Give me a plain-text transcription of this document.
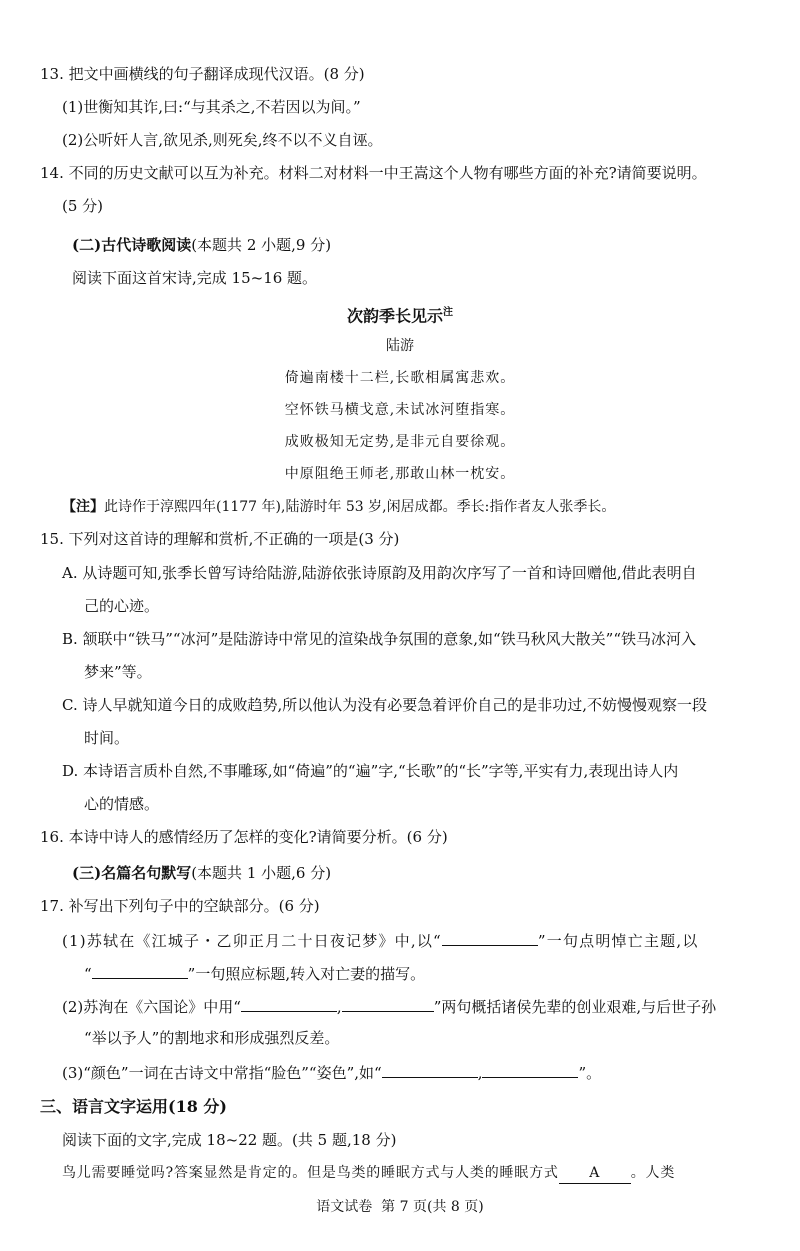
13. 把文中画横线的句子翻译成现代汉语。(8 分)
(1)世衡知其诈,曰:“与其杀之,不若因以为间。”
(2)公听奸人言,欲见杀,则死矣,终不以不义自诬。
14. 不同的历史文献可以互为补充。材料二对材料一中王嵩这个人物有哪些方面的补充?请简要说明。
(5 分)
(二)古代诗歌阅读(本题共 2 小题,9 分)
阅读下面这首宋诗,完成 15~16 题。
次韵季长见示$^注$
陆游
倚遍南楼十二栏,长歌相属寓悲欢。
空怀铁马横戈意,未试冰河堕指寒。
成败极知无定势,是非元自要徐观。
中原阻绝王师老,那敢山林一枕安。
【注】此诗作于淳熙四年(1177 年),陆游时年 53 岁,闲居成都。季长:指作者友人张季长。
15. 下列对这首诗的理解和赏析,不正确的一项是(3 分)
A. 从诗题可知,张季长曾写诗给陆游,陆游依张诗原韵及用韵次序写了一首和诗回赠他,借此表明自
己的心迹。
B. 颔联中“铁马”“冰河”是陆游诗中常见的渲染战争氛围的意象,如“铁马秋风大散关”“铁马冰河入
梦来”等。
C. 诗人早就知道今日的成败趋势,所以他认为没有必要急着评价自己的是非功过,不妨慢慢观察一段
时间。
D. 本诗语言质朴自然,不事雕琢,如“倚遍”的“遍”字,“长歌”的“长”字等,平实有力,表现出诗人内
心的情感。
16. 本诗中诗人的感情经历了怎样的变化?请简要分析。(6 分)
(三)名篇名句默写(本题共 1 小题,6 分)
17. 补写出下列句子中的空缺部分。(6 分)
(1)苏轼在《江城子・乙卯正月二十日夜记梦》中,以“	”一句点明悼亡主题,以
“	”一句照应标题,转入对亡妻的描写。
(2)苏洵在《六国论》中用“	,	”两句概括诸侯先辈的创业艰难,与后世子孙
“举以予人”的割地求和形成强烈反差。
(3)“颜色”一词在古诗文中常指“脸色”“姿色”,如“	,	”。
三、语言文字运用(18 分)
阅读下面的文字,完成 18~22 题。(共 5 题,18 分)
鸟儿需要睡觉吗?答案显然是肯定的。但是鸟类的睡眠方式与人类的睡眠方式 A 。人类
语文试卷 第 7 页(共 8 页)
